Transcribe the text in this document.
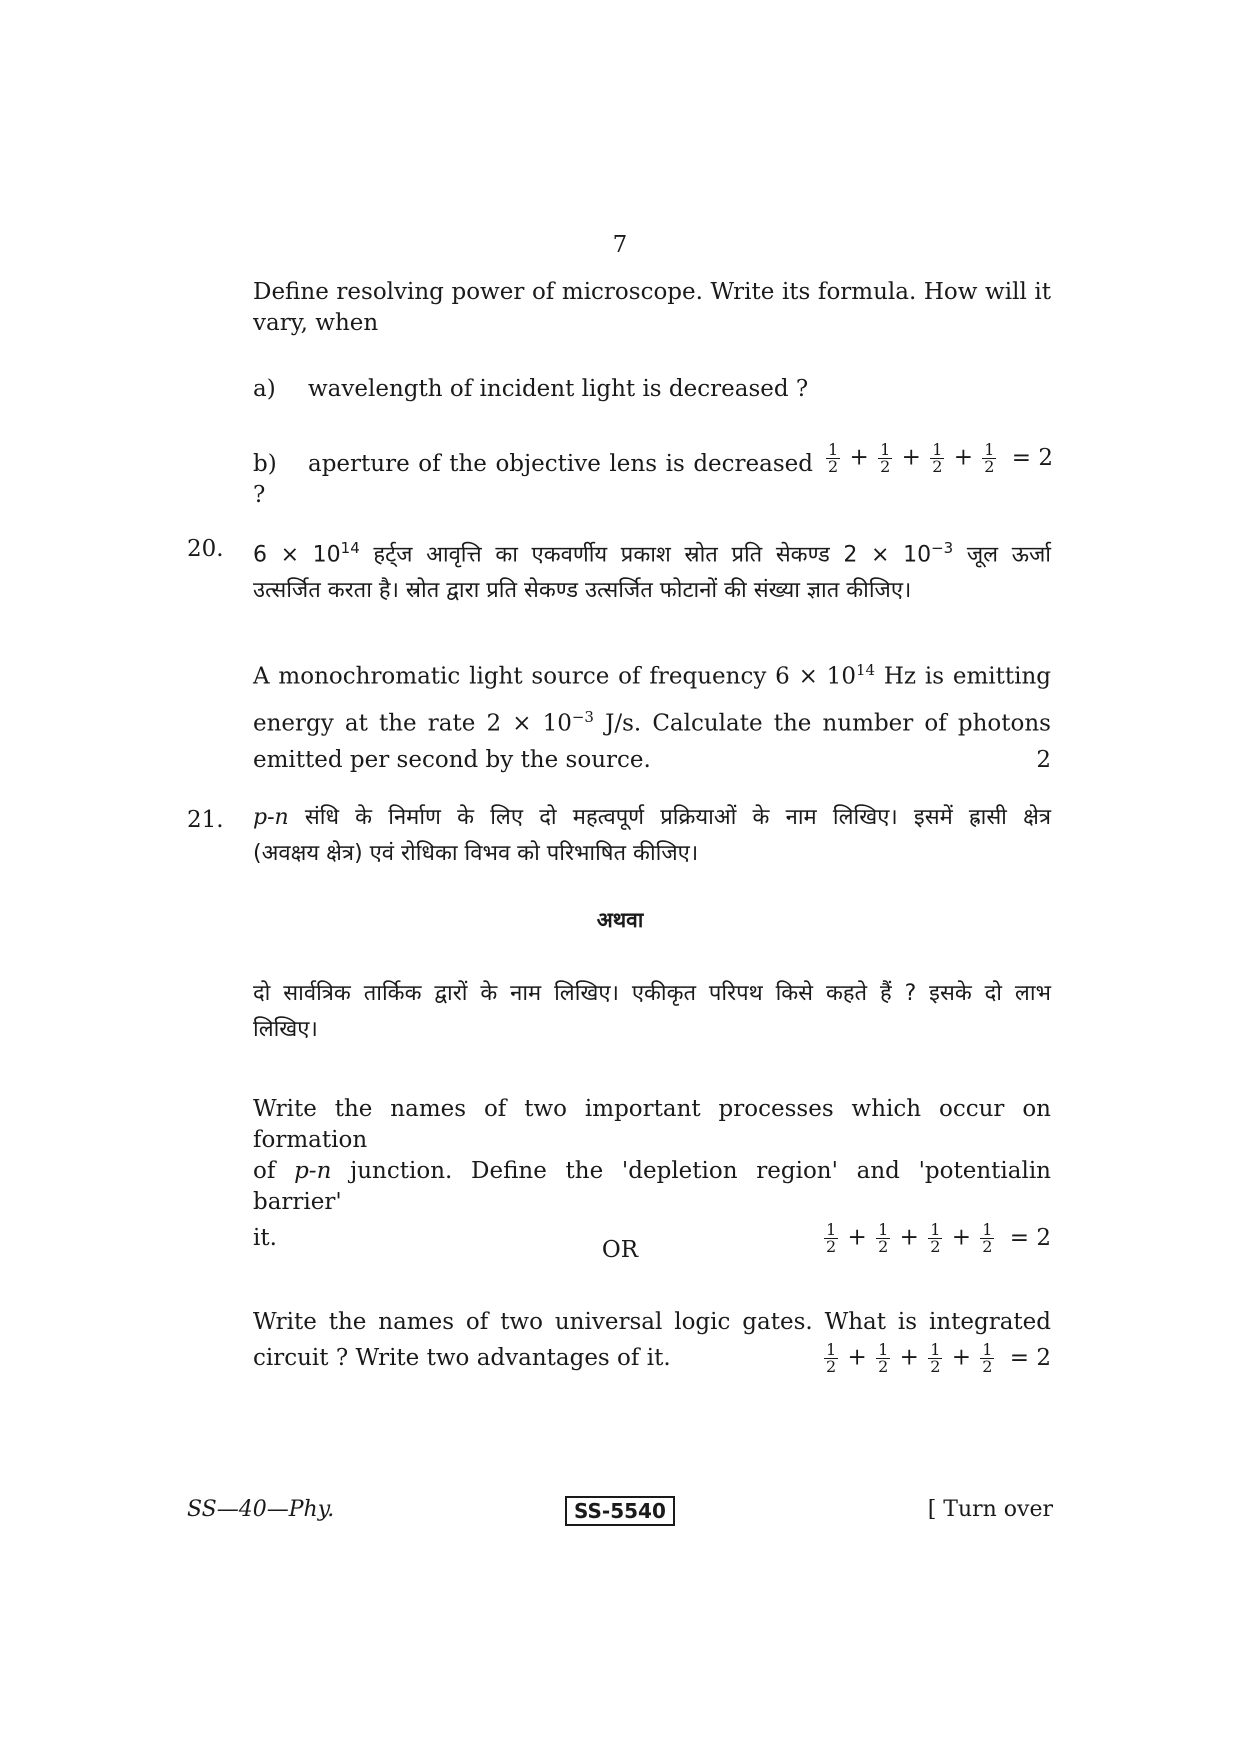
7
Define resolving power of microscope. Write its formula. How will it vary, when
a) wavelength of incident light is decreased ?
b) aperture of the objective lens is decreased ?
$\frac{1}{2} + \frac{1}{2} + \frac{1}{2} + \frac{1}{2} = 2$
20. $6 \times 10^{14}$ हर्ट्ज आवृत्ति का एकवर्णीय प्रकाश स्रोत प्रति सेकण्ड $2 \times 10^{-3}$ जूल ऊर्जा
उत्सर्जित करता है। स्रोत द्वारा प्रति सेकण्ड उत्सर्जित फोटानों की संख्या ज्ञात कीजिए।
A monochromatic light source of frequency $6 \times 10^{14}$ Hz is emitting
energy at the rate $2 \times 10^{-3}$ J/s. Calculate the number of photons
emitted per second by the source.	2
21. p-n संधि के निर्माण के लिए दो महत्वपूर्ण प्रक्रियाओं के नाम लिखिए। इसमें ह्रासी क्षेत्र
(अवक्षय क्षेत्र) एवं रोधिका विभव को परिभाषित कीजिए।
अथवा
दो सार्वत्रिक तार्किक द्वारों के नाम लिखिए। एकीकृत परिपथ किसे कहते हैं ? इसके दो लाभ
लिखिए।
Write the names of two important processes which occur on formation
of p-n junction. Define the 'depletion region' and 'potential barrier'
in
it.	$\frac{1}{2} + \frac{1}{2} + \frac{1}{2} + \frac{1}{2} = 2$
OR
Write the names of two universal logic gates. What is integrated
circuit ? Write two advantages of it.	$\frac{1}{2} + \frac{1}{2} + \frac{1}{2} + \frac{1}{2} = 2$
SS—40—Phy.	SS-5540	[ Turn over
